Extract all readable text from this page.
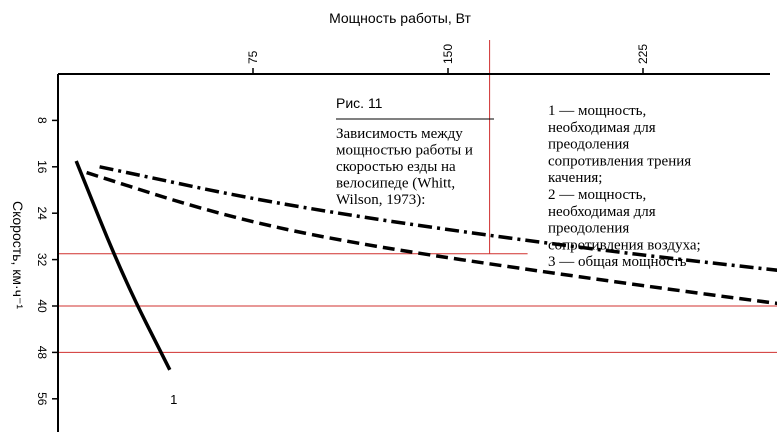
75	150	225
8
16
24
32
40
48
56
Мощность работы, Вт
Скорость, км·ч⁻¹
1
Рис. 11
Зависимость между
мощностью работы и
скоростью езды на
велосипеде (Whitt,
Wilson, 1973):
1 — мощность,
необходимая для
преодоления
сопротивления трения
качения;
2 — мощность,
необходимая для
преодоления
сопротивления воздуха;
3 — общая мощность
